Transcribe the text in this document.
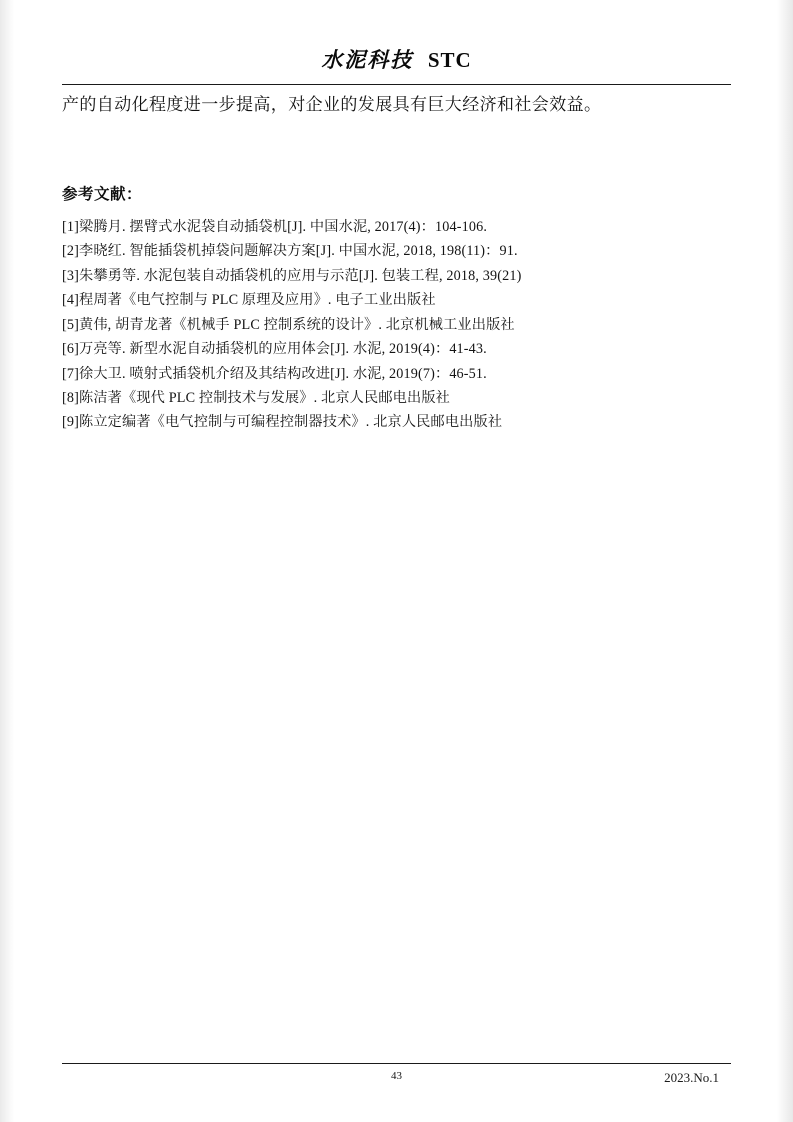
水泥科技 STC
产的自动化程度进一步提高，对企业的发展具有巨大经济和社会效益。
参考文献：
[1]梁腾月. 摆臂式水泥袋自动插袋机[J]. 中国水泥, 2017(4)：104-106.
[2]李晓红. 智能插袋机掉袋问题解决方案[J]. 中国水泥, 2018, 198(11)：91.
[3]朱攀勇等. 水泥包装自动插袋机的应用与示范[J]. 包装工程, 2018, 39(21)
[4]程周著《电气控制与 PLC 原理及应用》. 电子工业出版社
[5]黄伟, 胡青龙著《机械手 PLC 控制系统的设计》. 北京机械工业出版社
[6]万亮等. 新型水泥自动插袋机的应用体会[J]. 水泥, 2019(4)：41-43.
[7]徐大卫. 喷射式插袋机介绍及其结构改进[J]. 水泥, 2019(7)：46-51.
[8]陈洁著《现代 PLC 控制技术与发展》. 北京人民邮电出版社
[9]陈立定编著《电气控制与可编程控制器技术》. 北京人民邮电出版社
43	2023.No.1
